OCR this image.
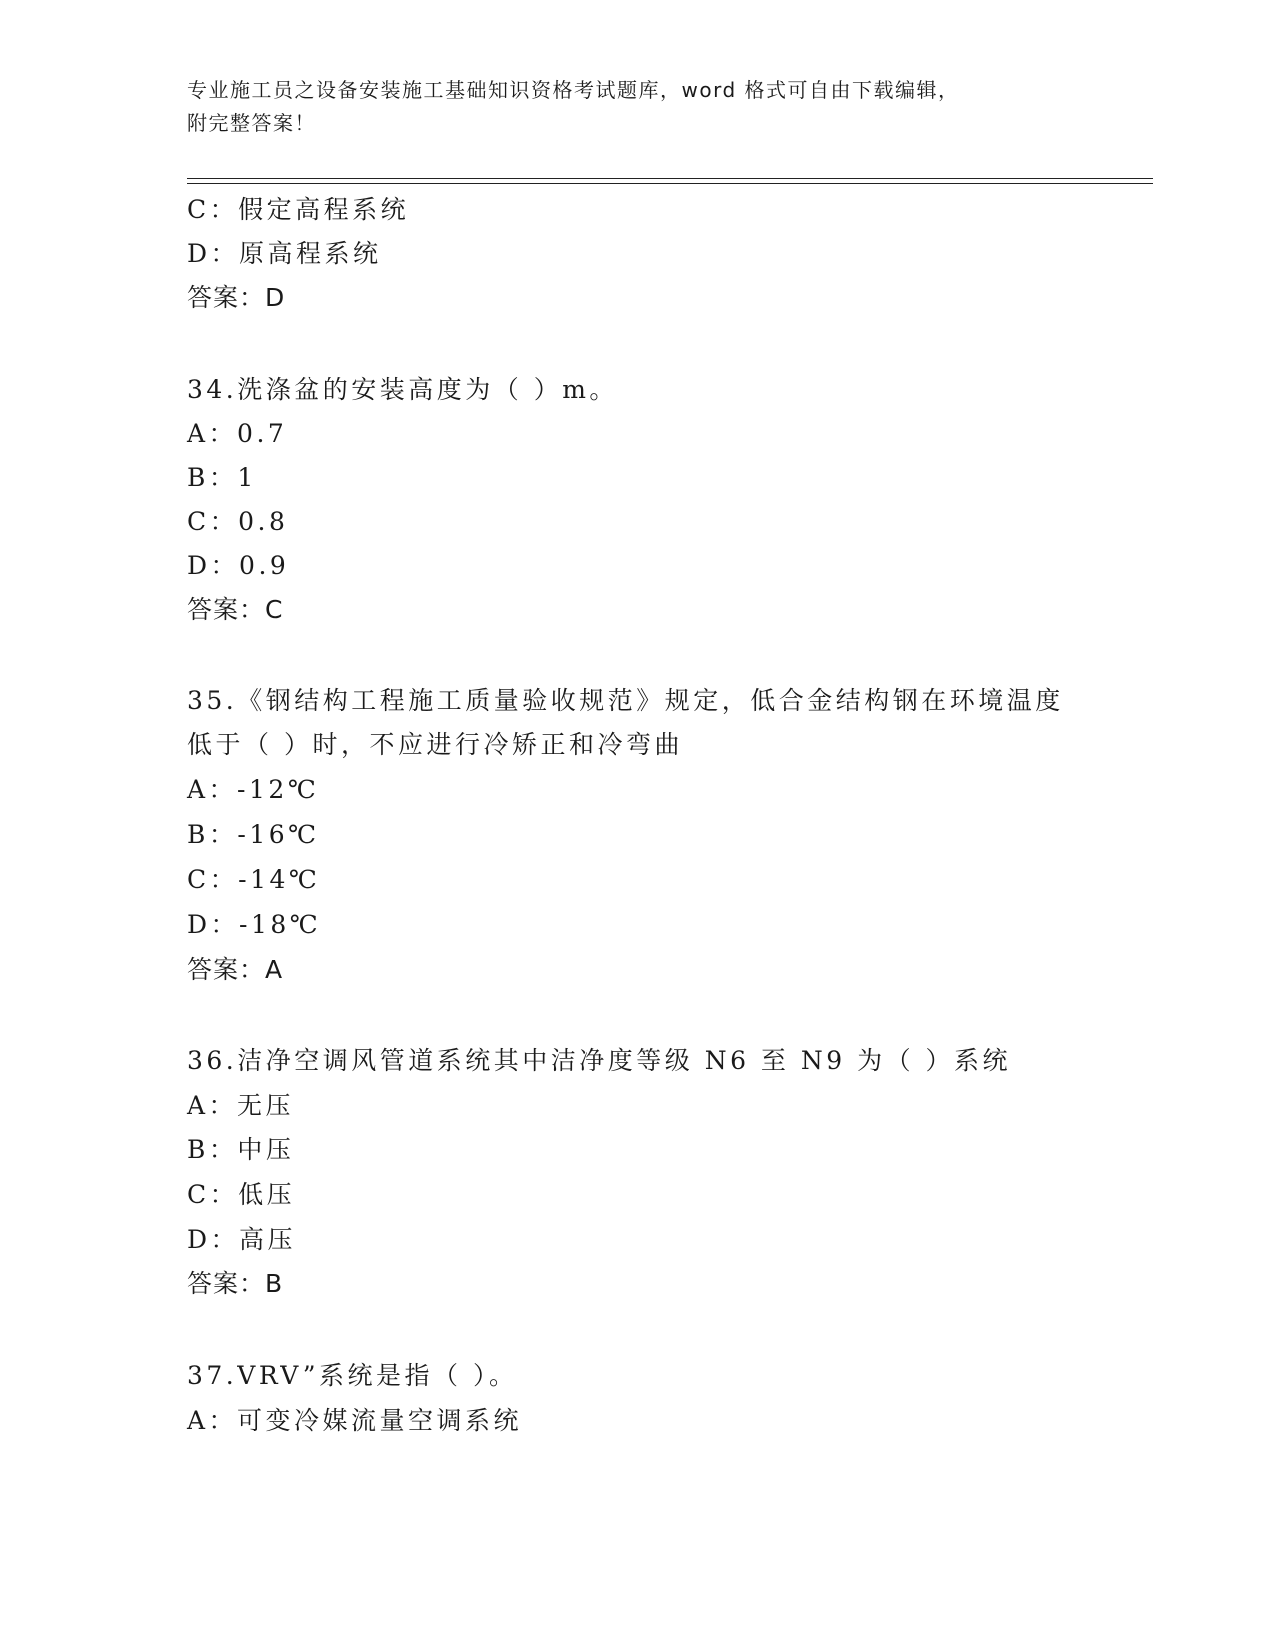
专业施工员之设备安装施工基础知识资格考试题库，word 格式可自由下载编辑，
附完整答案！
C：假定高程系统
D：原高程系统
答案：D
34.洗涤盆的安装高度为（ ）m。
A：0.7
B：1
C：0.8
D：0.9
答案：C
35.《钢结构工程施工质量验收规范》规定，低合金结构钢在环境温度
低于（ ）时，不应进行冷矫正和冷弯曲
A：-12℃
B：-16℃
C：-14℃
D：-18℃
答案：A
36.洁净空调风管道系统其中洁净度等级 N6 至 N9 为（ ）系统
A：无压
B：中压
C：低压
D：高压
答案：B
37.VRV”系统是指（ ）。
A：可变冷媒流量空调系统
